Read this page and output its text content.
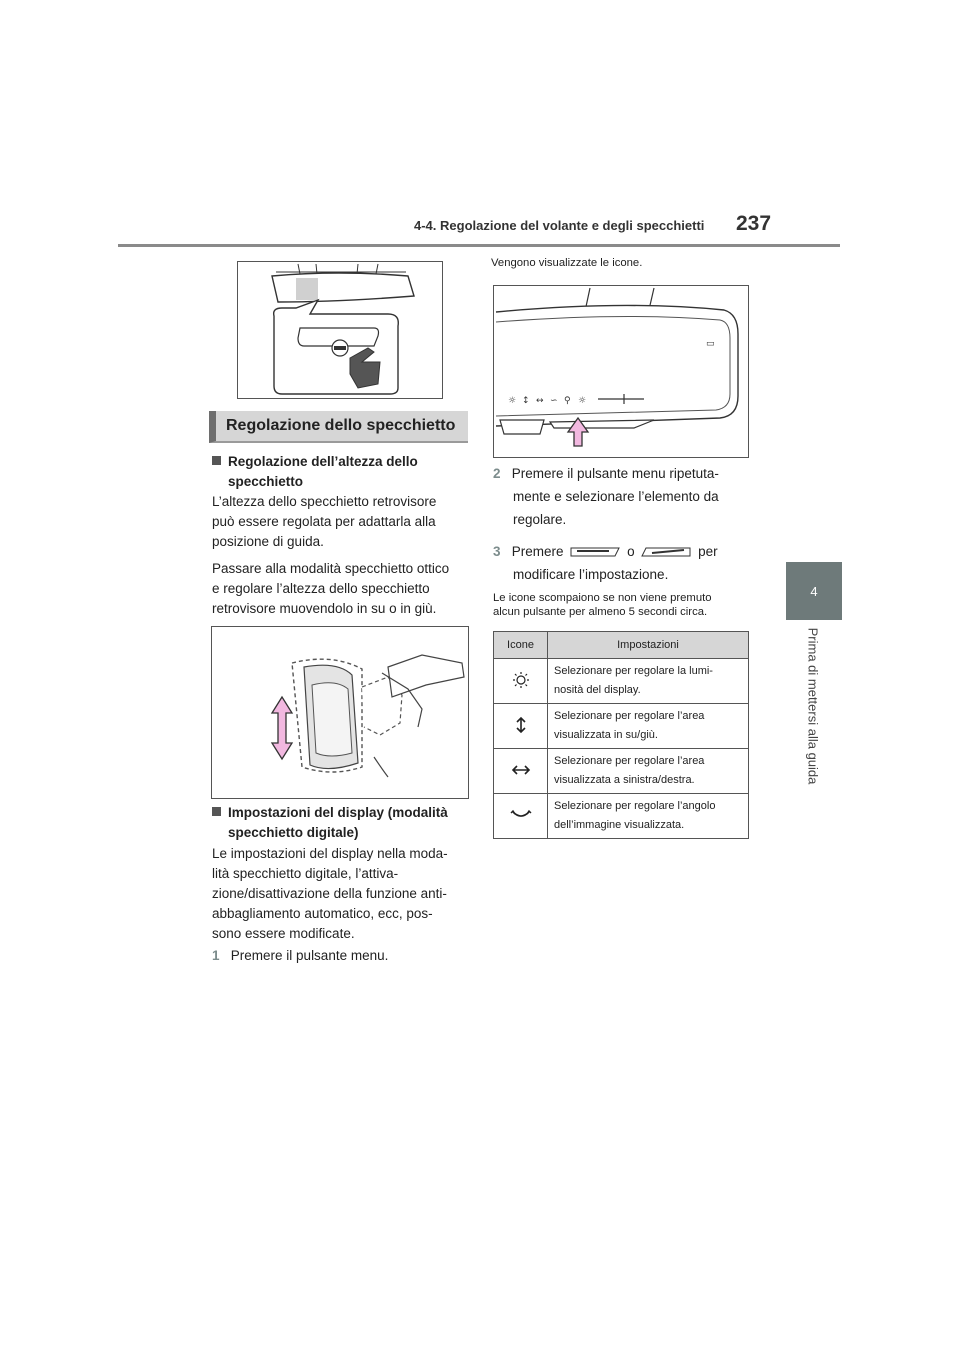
4-4. Regolazione del volante e degli specchietti 237
4
Prima di mettersi alla guida
Regolazione dello specchietto
Regolazione dell’altezza dello
specchietto
L’altezza dello specchietto retrovisore
può essere regolata per adattarla alla
posizione di guida.
Passare alla modalità specchietto ottico
e regolare l’altezza dello specchietto
retrovisore muovendolo in su o in giù.
Impostazioni del display (modalità
specchietto digitale)
Le impostazioni del display nella moda-
lità specchietto digitale, l’attiva-
zione/disattivazione della funzione anti-
abbagliamento automatico, ecc, pos-
sono essere modificate.
1 Premere il pulsante menu.
Vengono visualizzate le icone.
▭
☼ ↕ ↔ ∽ ⚲ ☼
2 Premere il pulsante menu ripetuta-
mente e selezionare l’elemento da
regolare.
3 Premere	o	per
modificare l’impostazione.
Le icone scompaiono se non viene premuto
alcun pulsante per almeno 5 secondi circa.
Icone	Impostazioni

Selezionare per regolare la lumi-
nosità del display.

Selezionare per regolare l’area
visualizzata in su/giù.

Selezionare per regolare l’area
visualizzata a sinistra/destra.

Selezionare per regolare l’angolo
dell’immagine visualizzata.
